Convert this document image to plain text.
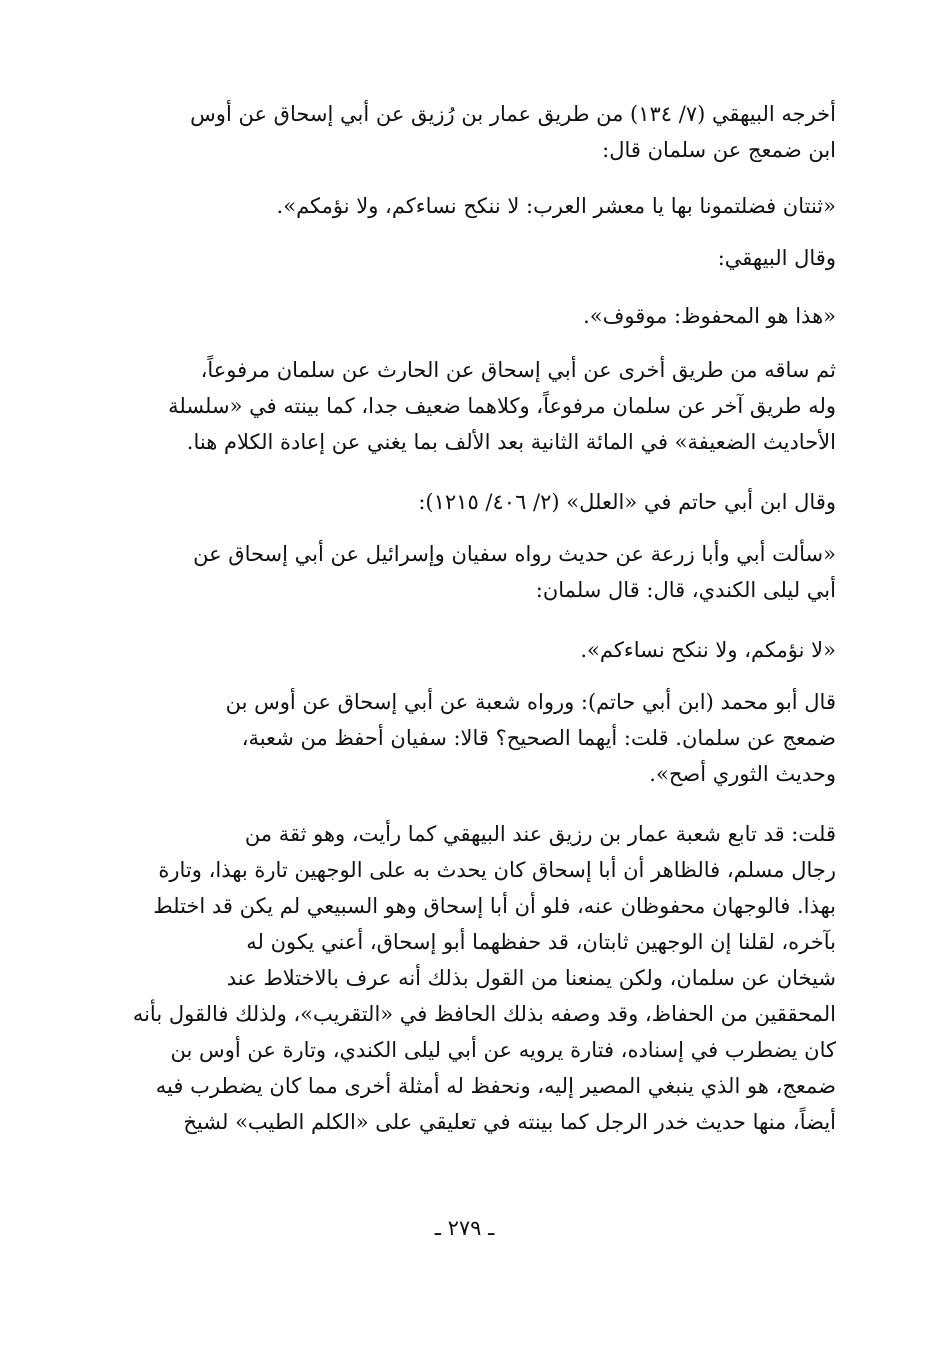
أخرجه البيهقي (٧/ ١٣٤) من طريق عمار بن رُزيق عن أبي إسحاق عن أوس
ابن ضمعج عن سلمان قال:
«ثنتان فضلتمونا بها يا معشر العرب: لا ننكح نساءكم، ولا نؤمكم».
وقال البيهقي:
«هذا هو المحفوظ: موقوف».
ثم ساقه من طريق أخرى عن أبي إسحاق عن الحارث عن سلمان مرفوعاً،
وله طريق آخر عن سلمان مرفوعاً، وكلاهما ضعيف جدا، كما بينته في «سلسلة
الأحاديث الضعيفة» في المائة الثانية بعد الألف بما يغني عن إعادة الكلام هنا.
وقال ابن أبي حاتم في «العلل» (٢/ ٤٠٦/ ١٢١٥):
«سألت أبي وأبا زرعة عن حديث رواه سفيان وإسرائيل عن أبي إسحاق عن
أبي ليلى الكندي، قال: قال سلمان:
«لا نؤمكم، ولا ننكح نساءكم».
قال أبو محمد (ابن أبي حاتم): ورواه شعبة عن أبي إسحاق عن أوس بن
ضمعج عن سلمان. قلت: أيهما الصحيح؟ قالا: سفيان أحفظ من شعبة،
وحديث الثوري أصح».
قلت: قد تابع شعبة عمار بن رزيق عند البيهقي كما رأيت، وهو ثقة من
رجال مسلم، فالظاهر أن أبا إسحاق كان يحدث به على الوجهين تارة بهذا، وتارة
بهذا. فالوجهان محفوظان عنه، فلو أن أبا إسحاق وهو السبيعي لم يكن قد اختلط
بآخره، لقلنا إن الوجهين ثابتان، قد حفظهما أبو إسحاق، أعني يكون له
شيخان عن سلمان، ولكن يمنعنا من القول بذلك أنه عرف بالاختلاط عند
المحققين من الحفاظ، وقد وصفه بذلك الحافظ في «التقريب»، ولذلك فالقول بأنه
كان يضطرب في إسناده، فتارة يرويه عن أبي ليلى الكندي، وتارة عن أوس بن
ضمعج، هو الذي ينبغي المصير إليه، ونحفظ له أمثلة أخرى مما كان يضطرب فيه
أيضاً، منها حديث خدر الرجل كما بينته في تعليقي على «الكلم الطيب» لشيخ
ـ ٢٧٩ ـ
